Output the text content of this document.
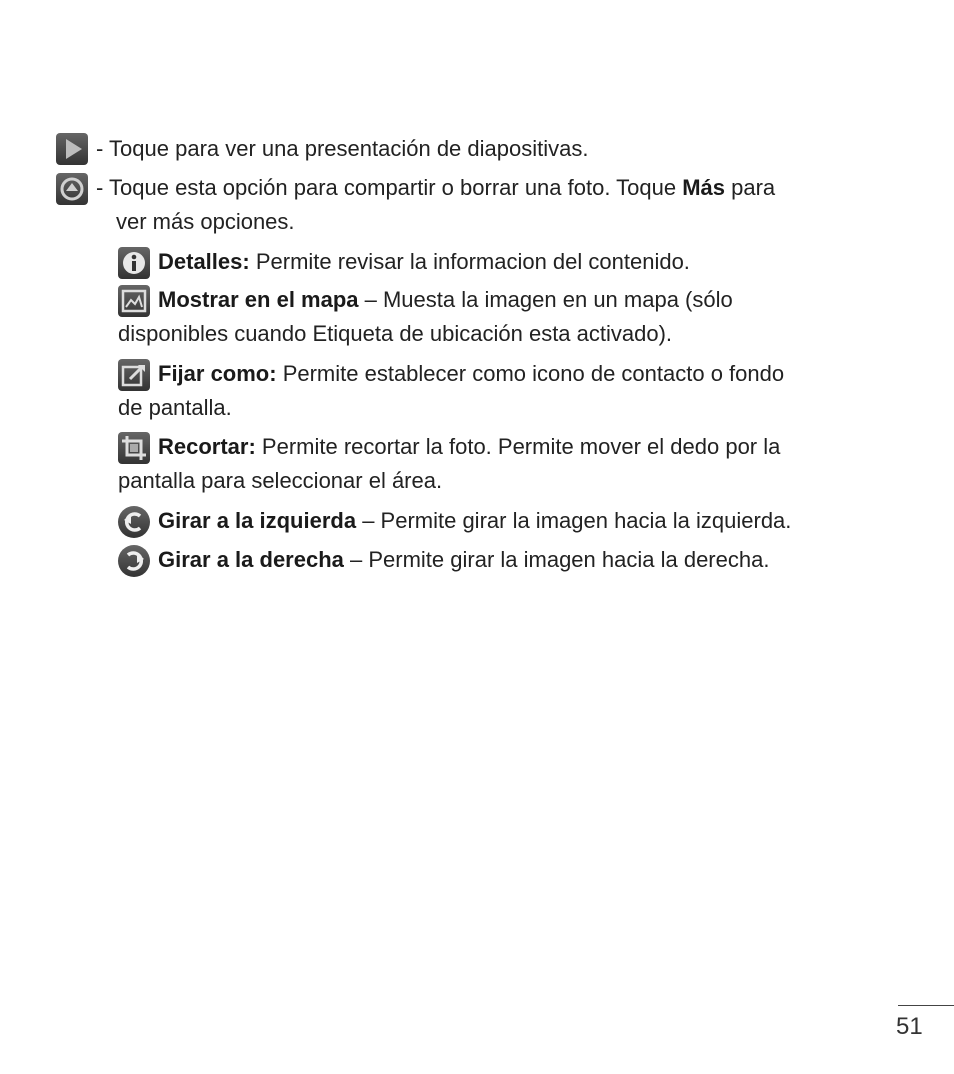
- Toque para ver una presentación de diapositivas.
- Toque esta opción para compartir o borrar una foto. Toque Más para
ver más opciones.
Detalles: Permite revisar la informacion del contenido.
Mostrar en el mapa – Muesta la imagen en un mapa (sólo
disponibles cuando Etiqueta de ubicación esta activado).
Fijar como: Permite establecer como icono de contacto o fondo
de pantalla.
Recortar: Permite recortar la foto. Permite mover el dedo por la
pantalla para seleccionar el área.
Girar a la izquierda – Permite girar la imagen hacia la izquierda.
Girar a la derecha – Permite girar la imagen hacia la derecha.
51
